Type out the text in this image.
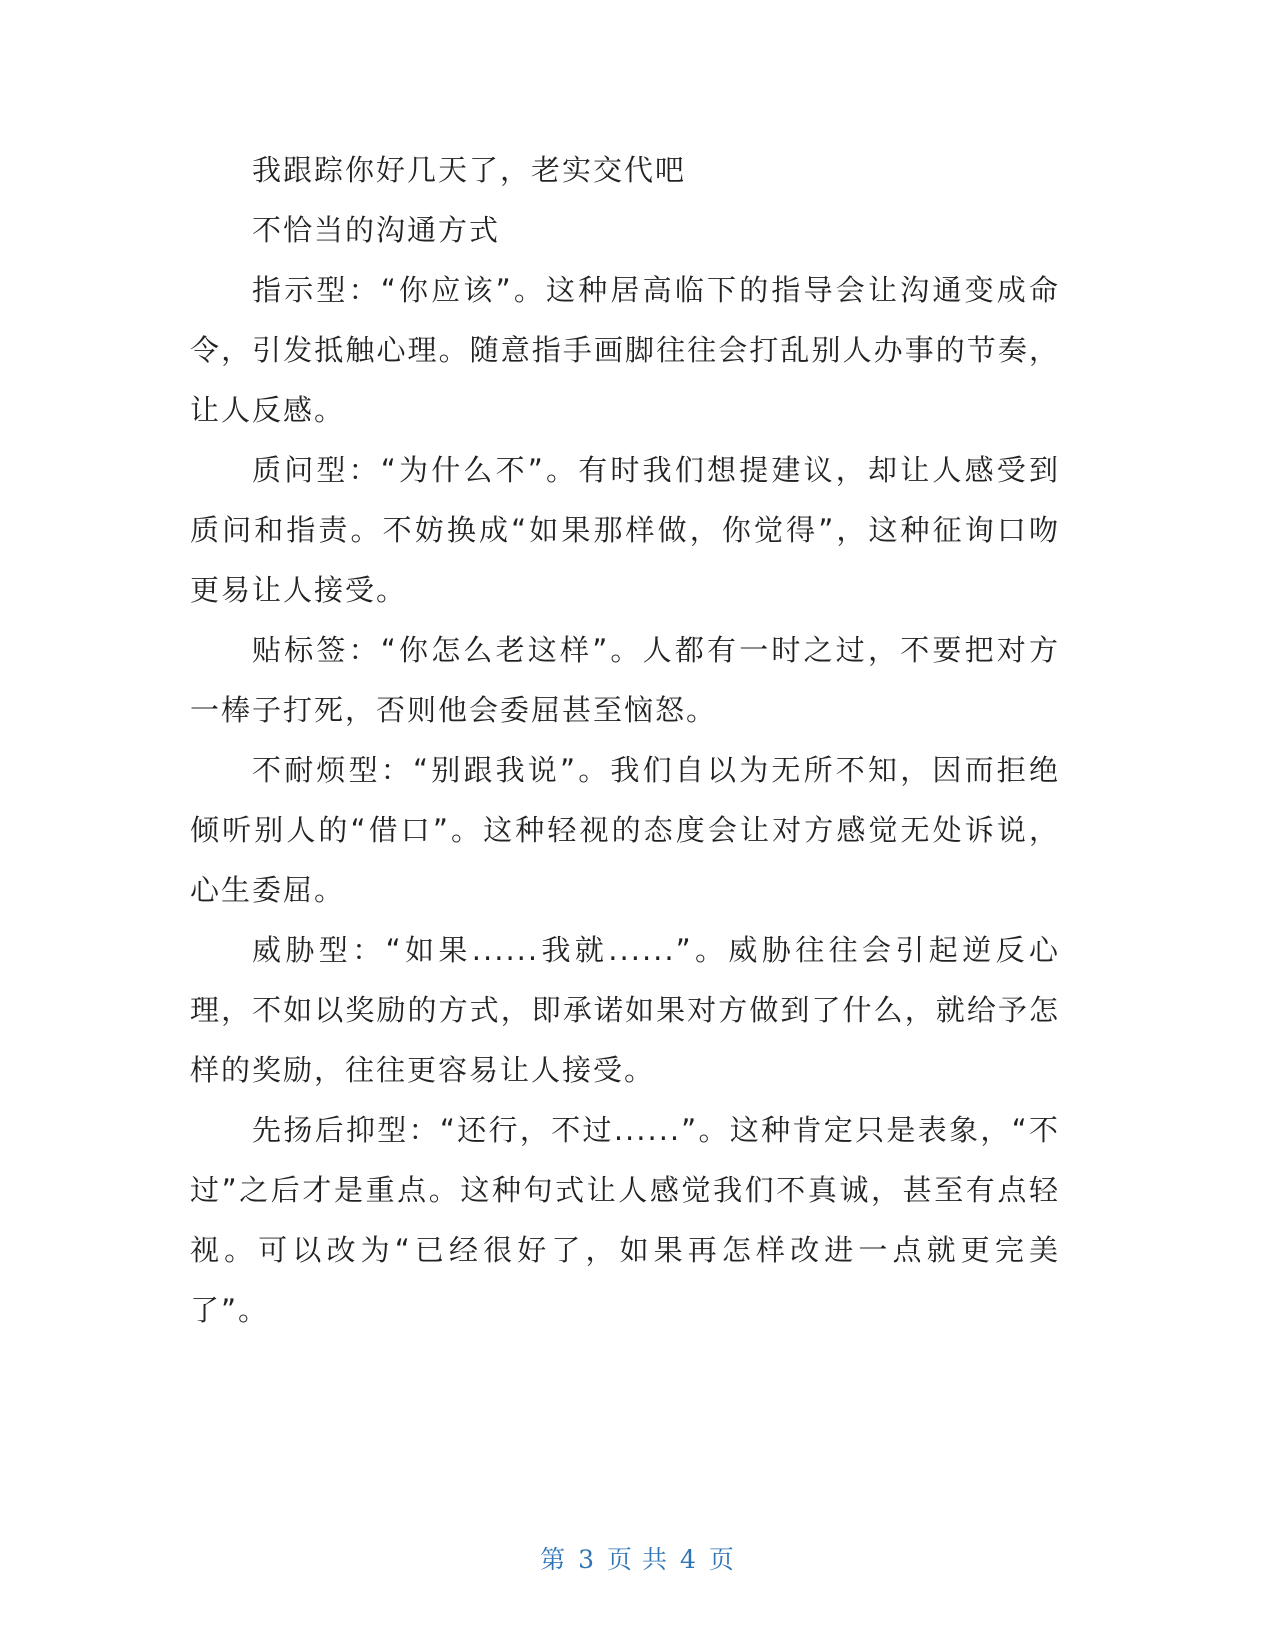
我跟踪你好几天了，老实交代吧

不恰当的沟通方式

指示型：“你应该”。这种居高临下的指导会让沟通变成命令，引发抵触心理。随意指手画脚往往会打乱别人办事的节奏，让人反感。

质问型：“为什么不”。有时我们想提建议，却让人感受到质问和指责。不妨换成“如果那样做，你觉得”，这种征询口吻更易让人接受。

贴标签：“你怎么老这样”。人都有一时之过，不要把对方一棒子打死，否则他会委屈甚至恼怒。

不耐烦型：“别跟我说”。我们自以为无所不知，因而拒绝倾听别人的“借口”。这种轻视的态度会让对方感觉无处诉说，心生委屈。

威胁型：“如果......我就......”。威胁往往会引起逆反心理，不如以奖励的方式，即承诺如果对方做到了什么，就给予怎样的奖励，往往更容易让人接受。

先扬后抑型：“还行，不过......”。这种肯定只是表象，“不过”之后才是重点。这种句式让人感觉我们不真诚，甚至有点轻视。可以改为“已经很好了，如果再怎样改进一点就更完美了”。

第 3 页 共 4 页
